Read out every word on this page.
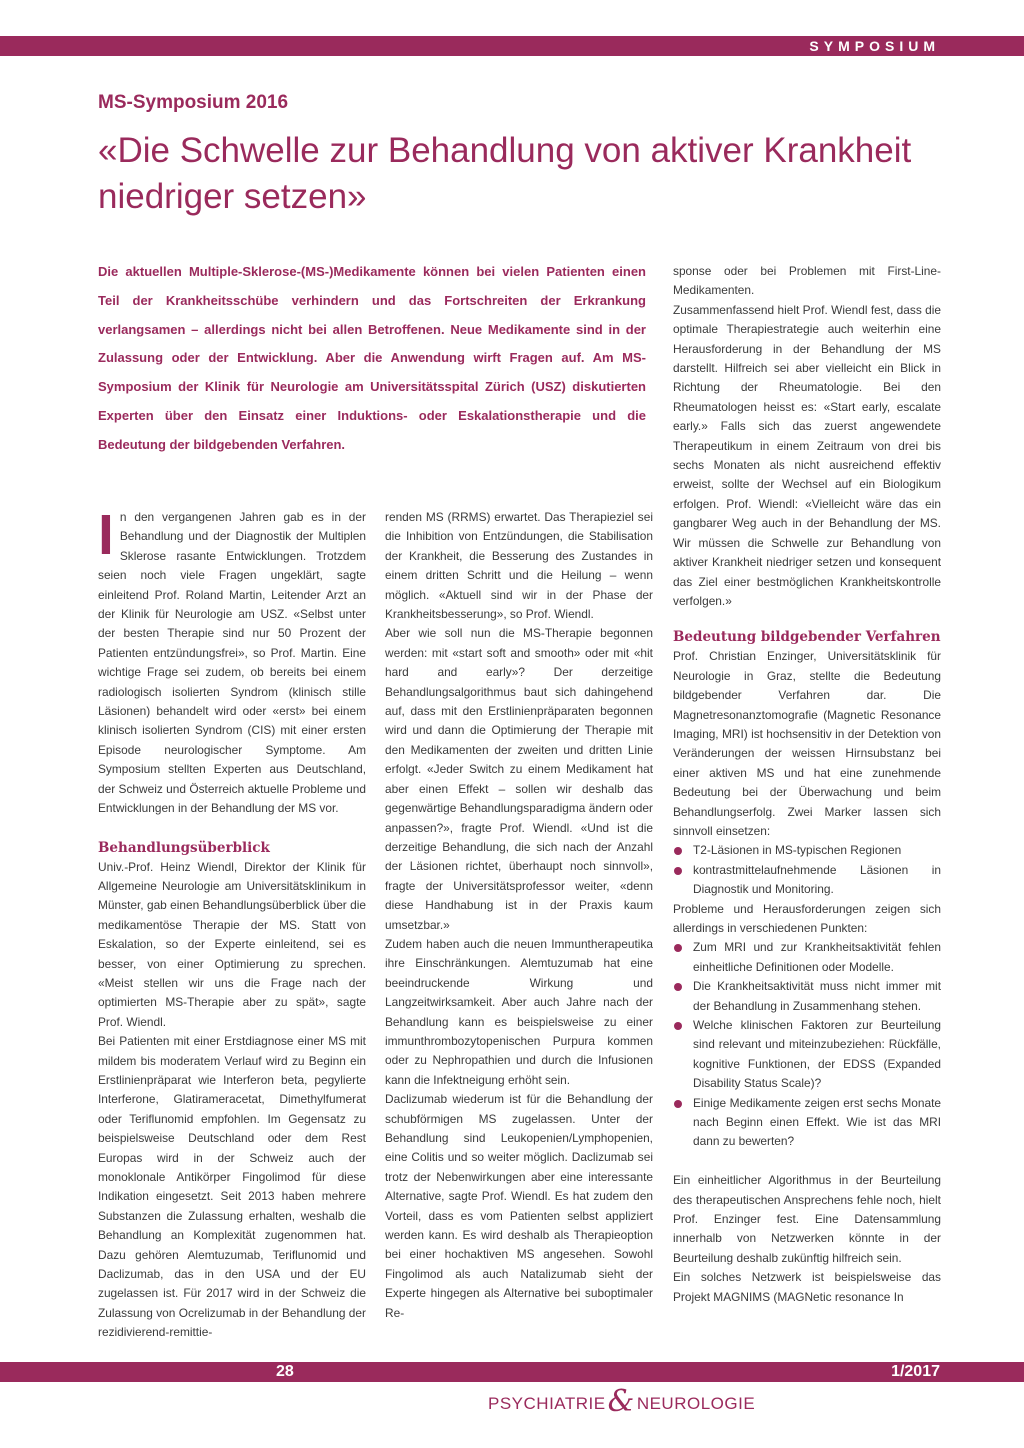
SYMPOSIUM
MS-Symposium 2016
«Die Schwelle zur Behandlung von aktiver Krankheit niedriger setzen»

Die aktuellen Multiple-Sklerose-(MS-)Medikamente können bei vielen Patienten einen Teil der Krankheitsschübe verhindern und das Fortschreiten der Erkrankung verlangsamen – allerdings nicht bei allen Betroffenen. Neue Medikamente sind in der Zulassung oder der Entwicklung. Aber die Anwendung wirft Fragen auf. Am MS-Symposium der Klinik für Neurologie am Universitätsspital Zürich (USZ) diskutierten Experten über den Einsatz einer Induktions- oder Eskalationstherapie und die Bedeutung der bildgebenden Verfahren.

In den vergangenen Jahren gab es in der Behandlung und der Diagnostik der Multiplen Sklerose rasante Entwicklungen. Trotzdem seien noch viele Fragen ungeklärt, sagte einleitend Prof. Roland Martin, Leitender Arzt an der Klinik für Neurologie am USZ. «Selbst unter der besten Therapie sind nur 50 Prozent der Patienten entzündungsfrei», so Prof. Martin. Eine wichtige Frage sei zudem, ob bereits bei einem radiologisch isolierten Syndrom (klinisch stille Läsionen) behandelt wird oder «erst» bei einem klinisch isolierten Syndrom (CIS) mit einer ersten Episode neurologischer Symptome. Am Symposium stellten Experten aus Deutschland, der Schweiz und Österreich aktuelle Probleme und Entwicklungen in der Behandlung der MS vor.

Behandlungsüberblick

Univ.-Prof. Heinz Wiendl, Direktor der Klinik für Allgemeine Neurologie am Universitätsklinikum in Münster, gab einen Behandlungsüberblick über die medikamentöse Therapie der MS. Statt von Eskalation, so der Experte einleitend, sei es besser, von einer Optimierung zu sprechen. «Meist stellen wir uns die Frage nach der optimierten MS-Therapie aber zu spät», sagte Prof. Wiendl.

Bei Patienten mit einer Erstdiagnose einer MS mit mildem bis moderatem Verlauf wird zu Beginn ein Erstlinienpräparat wie Interferon beta, pegylierte Interferone, Glatirameracetat, Dimethylfumerat oder Teriflunomid empfohlen. Im Gegensatz zu beispielsweise Deutschland oder dem Rest Europas wird in der Schweiz auch der monoklonale Antikörper Fingolimod für diese Indikation eingesetzt. Seit 2013 haben mehrere Substanzen die Zulassung erhalten, weshalb die Behandlung an Komplexität zugenommen hat. Dazu gehören Alemtuzumab, Teriflunomid und Daclizumab, das in den USA und der EU zugelassen ist. Für 2017 wird in der Schweiz die Zulassung von Ocrelizumab in der Behandlung der rezidivierend-remittie-

renden MS (RRMS) erwartet. Das Therapieziel sei die Inhibition von Entzündungen, die Stabilisation der Krankheit, die Besserung des Zustandes in einem dritten Schritt und die Heilung – wenn möglich. «Aktuell sind wir in der Phase der Krankheitsbesserung», so Prof. Wiendl.

Aber wie soll nun die MS-Therapie begonnen werden: mit «start soft and smooth» oder mit «hit hard and early»? Der derzeitige Behandlungsalgorithmus baut sich dahingehend auf, dass mit den Erstlinienpräparaten begonnen wird und dann die Optimierung der Therapie mit den Medikamenten der zweiten und dritten Linie erfolgt. «Jeder Switch zu einem Medikament hat aber einen Effekt – sollen wir deshalb das gegenwärtige Behandlungsparadigma ändern oder anpassen?», fragte Prof. Wiendl. «Und ist die derzeitige Behandlung, die sich nach der Anzahl der Läsionen richtet, überhaupt noch sinnvoll», fragte der Universitätsprofessor weiter, «denn diese Handhabung ist in der Praxis kaum umsetzbar.»

Zudem haben auch die neuen Immuntherapeutika ihre Einschränkungen. Alemtuzumab hat eine beeindruckende Wirkung und Langzeitwirksamkeit. Aber auch Jahre nach der Behandlung kann es beispielsweise zu einer immunthrombozytopenischen Purpura kommen oder zu Nephropathien und durch die Infusionen kann die Infektneigung erhöht sein.

Daclizumab wiederum ist für die Behandlung der schubförmigen MS zugelassen. Unter der Behandlung sind Leukopenien/Lymphopenien, eine Colitis und so weiter möglich. Daclizumab sei trotz der Nebenwirkungen aber eine interessante Alternative, sagte Prof. Wiendl. Es hat zudem den Vorteil, dass es vom Patienten selbst appliziert werden kann. Es wird deshalb als Therapieoption bei einer hochaktiven MS angesehen. Sowohl Fingolimod als auch Natalizumab sieht der Experte hingegen als Alternative bei suboptimaler Re-

sponse oder bei Problemen mit First-Line-Medikamenten.

Zusammenfassend hielt Prof. Wiendl fest, dass die optimale Therapiestrategie auch weiterhin eine Herausforderung in der Behandlung der MS darstellt. Hilfreich sei aber vielleicht ein Blick in Richtung der Rheumatologie. Bei den Rheumatologen heisst es: «Start early, escalate early.» Falls sich das zuerst angewendete Therapeutikum in einem Zeitraum von drei bis sechs Monaten als nicht ausreichend effektiv erweist, sollte der Wechsel auf ein Biologikum erfolgen. Prof. Wiendl: «Vielleicht wäre das ein gangbarer Weg auch in der Behandlung der MS. Wir müssen die Schwelle zur Behandlung von aktiver Krankheit niedriger setzen und konsequent das Ziel einer bestmöglichen Krankheitskontrolle verfolgen.»

Bedeutung bildgebender Verfahren

Prof. Christian Enzinger, Universitätsklinik für Neurologie in Graz, stellte die Bedeutung bildgebender Verfahren dar. Die Magnetresonanztomografie (Magnetic Resonance Imaging, MRI) ist hochsensitiv in der Detektion von Veränderungen der weissen Hirnsubstanz bei einer aktiven MS und hat eine zunehmende Bedeutung bei der Überwachung und beim Behandlungserfolg. Zwei Marker lassen sich sinnvoll einsetzen:

T2-Läsionen in MS-typischen Regionen
kontrastmittelaufnehmende Läsionen in Diagnostik und Monitoring.

Probleme und Herausforderungen zeigen sich allerdings in verschiedenen Punkten:

Zum MRI und zur Krankheitsaktivität fehlen einheitliche Definitionen oder Modelle.
Die Krankheitsaktivität muss nicht immer mit der Behandlung in Zusammenhang stehen.
Welche klinischen Faktoren zur Beurteilung sind relevant und miteinzubeziehen: Rückfälle, kognitive Funktionen, der EDSS (Expanded Disability Status Scale)?
Einige Medikamente zeigen erst sechs Monate nach Beginn einen Effekt. Wie ist das MRI dann zu bewerten?

Ein einheitlicher Algorithmus in der Beurteilung des therapeutischen Ansprechens fehle noch, hielt Prof. Enzinger fest. Eine Datensammlung innerhalb von Netzwerken könnte in der Beurteilung deshalb zukünftig hilfreich sein.

Ein solches Netzwerk ist beispielsweise das Projekt MAGNIMS (MAGNetic resonance In

28	1/2017
PSYCHIATRIE& NEUROLOGIE
